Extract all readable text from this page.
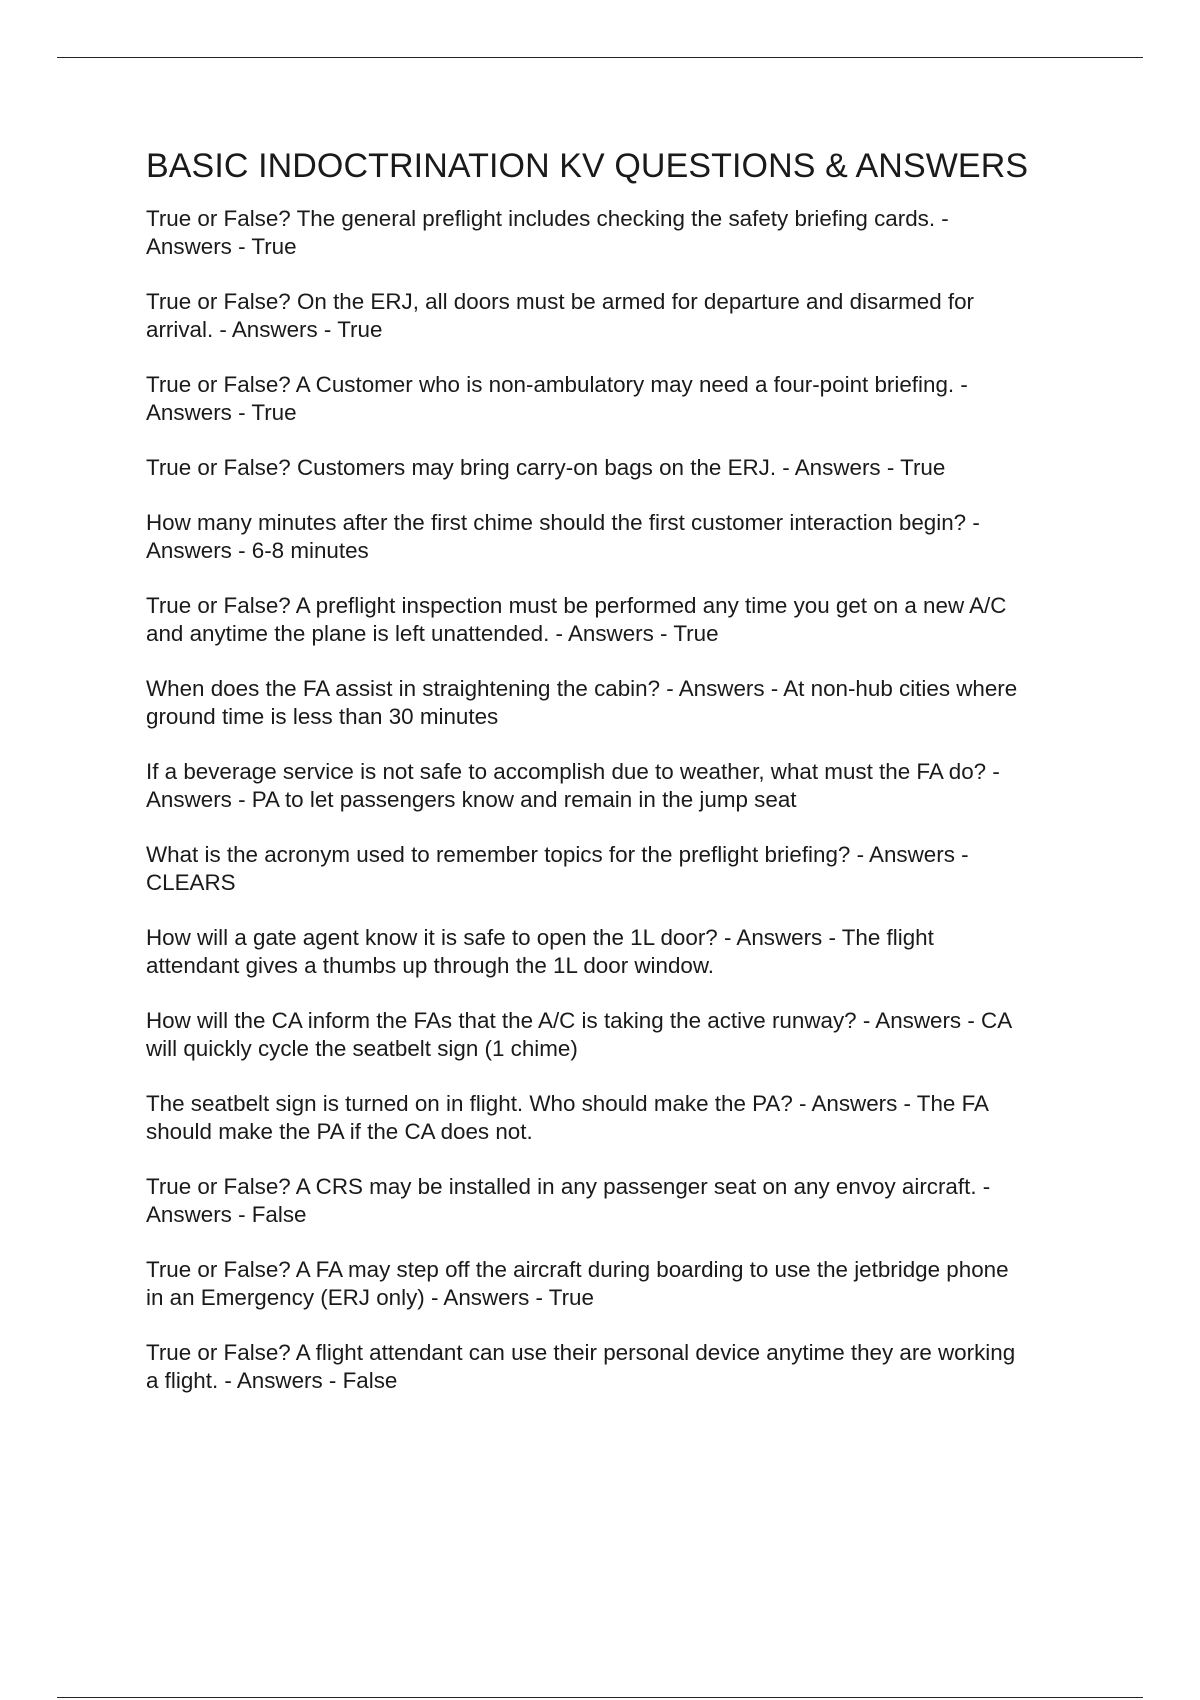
BASIC INDOCTRINATION KV QUESTIONS & ANSWERS
True or False? The general preflight includes checking the safety briefing cards. -
Answers - True
True or False? On the ERJ, all doors must be armed for departure and disarmed for
arrival. - Answers - True
True or False? A Customer who is non-ambulatory may need a four-point briefing. -
Answers - True
True or False? Customers may bring carry-on bags on the ERJ. - Answers - True
How many minutes after the first chime should the first customer interaction begin? -
Answers - 6-8 minutes
True or False? A preflight inspection must be performed any time you get on a new A/C
and anytime the plane is left unattended. - Answers - True
When does the FA assist in straightening the cabin? - Answers - At non-hub cities where
ground time is less than 30 minutes
If a beverage service is not safe to accomplish due to weather, what must the FA do? -
Answers - PA to let passengers know and remain in the jump seat
What is the acronym used to remember topics for the preflight briefing? - Answers -
CLEARS
How will a gate agent know it is safe to open the 1L door? - Answers - The flight
attendant gives a thumbs up through the 1L door window.
How will the CA inform the FAs that the A/C is taking the active runway? - Answers - CA
will quickly cycle the seatbelt sign (1 chime)
The seatbelt sign is turned on in flight. Who should make the PA? - Answers - The FA
should make the PA if the CA does not.
True or False? A CRS may be installed in any passenger seat on any envoy aircraft. -
Answers - False
True or False? A FA may step off the aircraft during boarding to use the jetbridge phone
in an Emergency (ERJ only) - Answers - True
True or False? A flight attendant can use their personal device anytime they are working
a flight. - Answers - False
